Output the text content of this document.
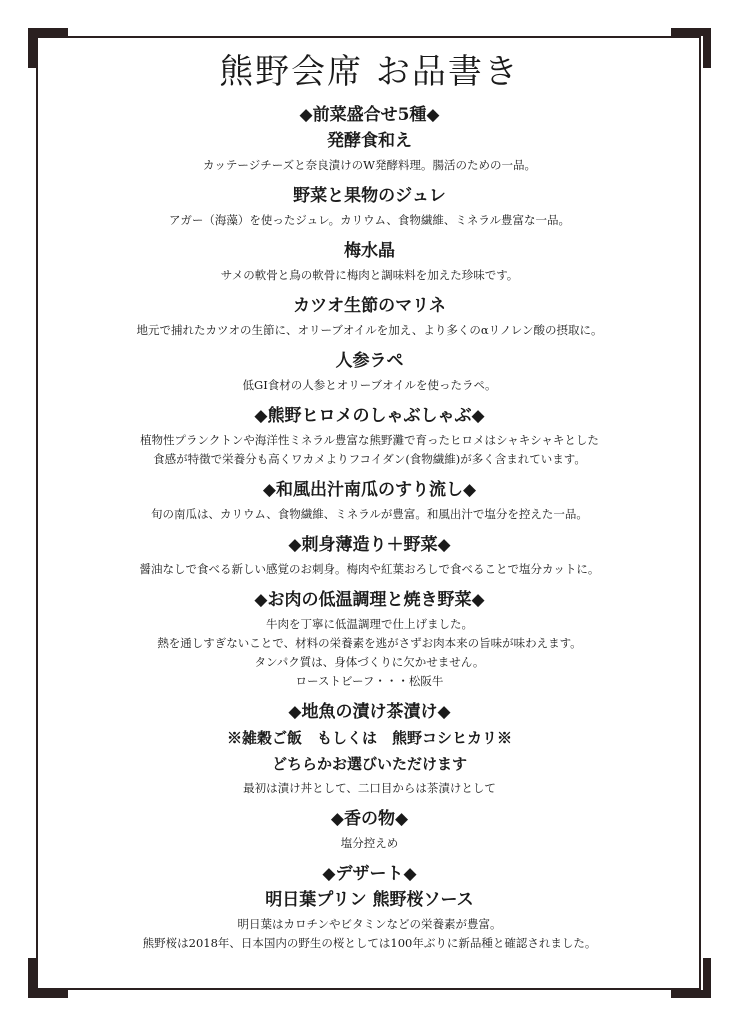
熊野会席 お品書き
◆前菜盛合せ5種◆
発酵食和え
カッテージチーズと奈良漬けのW発酵料理。腸活のための一品。
野菜と果物のジュレ
アガー（海藻）を使ったジュレ。カリウム、食物繊維、ミネラル豊富な一品。
梅水晶
サメの軟骨と鳥の軟骨に梅肉と調味料を加えた珍味です。
カツオ生節のマリネ
地元で捕れたカツオの生節に、オリーブオイルを加え、より多くのαリノレン酸の摂取に。
人参ラペ
低GI食材の人参とオリーブオイルを使ったラペ。
◆熊野ヒロメのしゃぶしゃぶ◆
植物性プランクトンや海洋性ミネラル豊富な熊野灘で育ったヒロメはシャキシャキとした
食感が特徴で栄養分も高くワカメよりフコイダン(食物繊維)が多く含まれています。
◆和風出汁南瓜のすり流し◆
旬の南瓜は、カリウム、食物繊維、ミネラルが豊富。和風出汁で塩分を控えた一品。
◆刺身薄造り＋野菜◆
醤油なしで食べる新しい感覚のお刺身。梅肉や紅葉おろしで食べることで塩分カットに。
◆お肉の低温調理と焼き野菜◆
牛肉を丁寧に低温調理で仕上げました。
熱を通しすぎないことで、材料の栄養素を逃がさずお肉本来の旨味が味わえます。
タンパク質は、身体づくりに欠かせません。
ローストビーフ・・・松阪牛
◆地魚の漬け茶漬け◆
※雑穀ご飯　もしくは　熊野コシヒカリ※
どちらかお選びいただけます
最初は漬け丼として、二口目からは茶漬けとして
◆香の物◆
塩分控えめ
◆デザート◆
明日葉プリン 熊野桜ソース
明日葉はカロチンやビタミンなどの栄養素が豊富。
熊野桜は2018年、日本国内の野生の桜としては100年ぶりに新品種と確認されました。
